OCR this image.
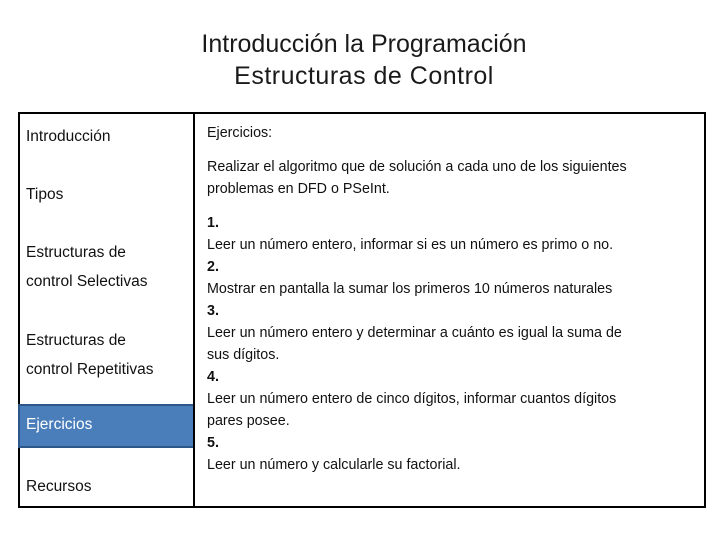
Introducción la Programación
Estructuras de Control
Introducción
Tipos
Estructuras de
control Selectivas
Estructuras de
control Repetitivas
Ejercicios
Recursos

Ejercicios:

Realizar el algoritmo que de solución a cada uno de los siguientes

problemas en DFD o PSeInt.

1.

Leer un número entero, informar si es un número es primo o no.

2.

Mostrar en pantalla la sumar los primeros 10 números naturales

3.

Leer un número entero y determinar a cuánto es igual la suma de

sus dígitos.

4.

Leer un número entero de cinco dígitos, informar cuantos dígitos

pares posee.

5.

Leer un número y calcularle su factorial.
